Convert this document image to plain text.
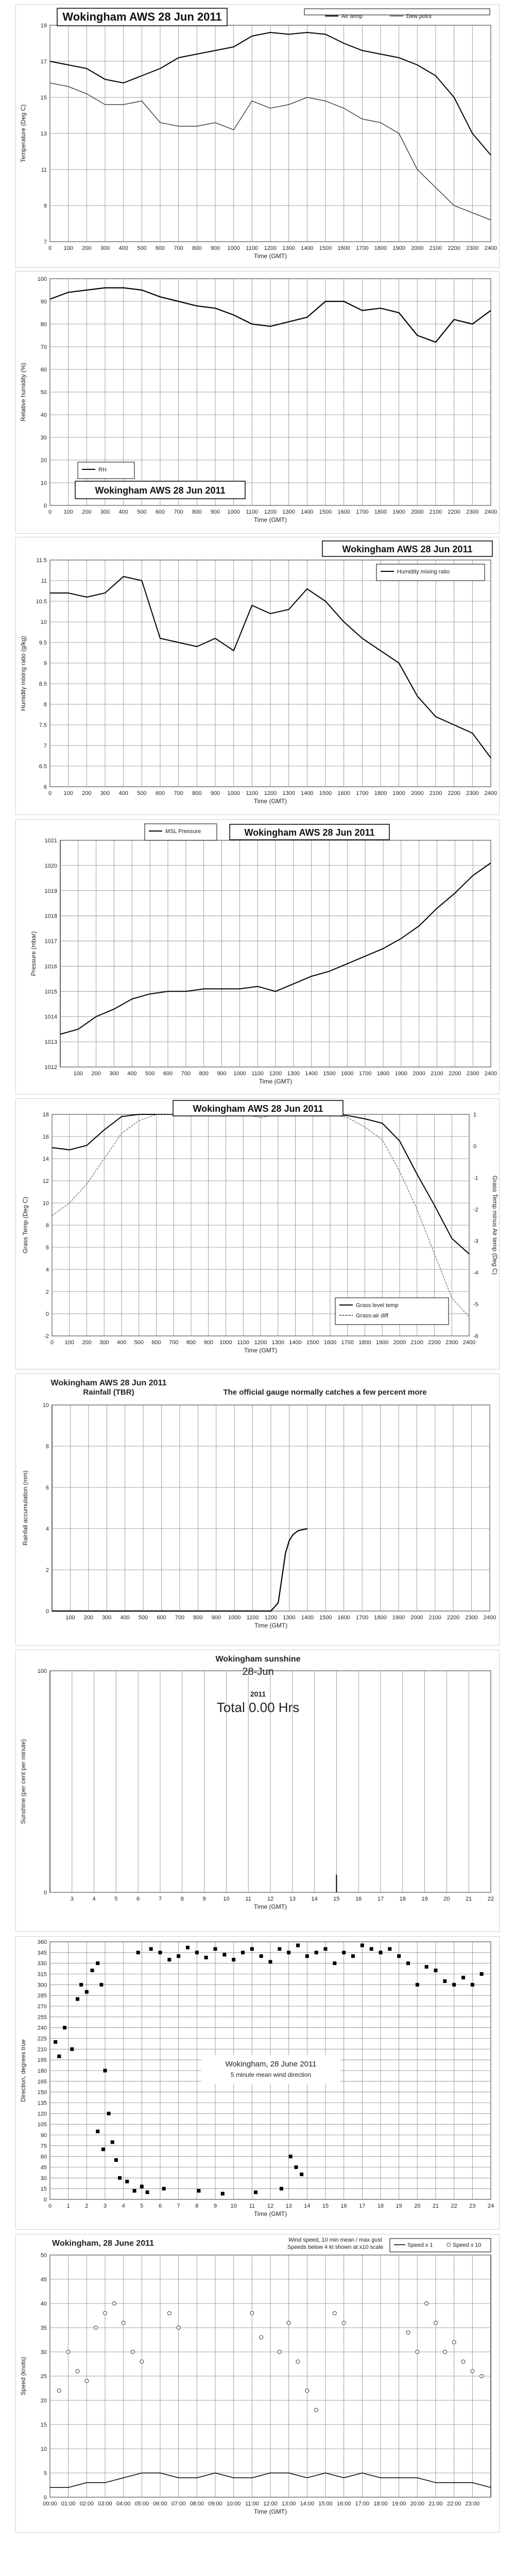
7
9
11
13
15
17
19
0 100 200 300 400 500 600 700 800 900 1000 1100 1200 1300 1400 1500 1600 1700 1800 1900 2000 2100 2200 2300 2400
Time (GMT)
Temperature (Deg C)
Wokingham AWS 28 Jun 2011	Air temp	Dew point
0
10
20
30
40
50
60
70
80
90
100
0 100 200 300 400 500 600 700 800 900 1000 1100 1200 1300 1400 1500 1600 1700 1800 1900 2000 2100 2200 2300 2400
Time (GMT)
Relative humidity (%)
RH
Wokingham AWS 28 Jun 2011
6
6.5
7
7.5
8
8.5
9
9.5
10
10.5
11
11.5
0 100 200 300 400 500 600 700 800 900 1000 1100 1200 1300 1400 1500 1600 1700 1800 1900 2000 2100 2200 2300 2400
Time (GMT)
Humidity mixing ratio (g/kg)
Wokingham AWS 28 Jun 2011
Humidity mixing ratio
1012
1013
1014
1015
1016
1017
1018
1019
1020
1021
100 200 300 400 500 600 700 800 900 1000 1100 1200 1300 1400 1500 1600 1700 1800 1900 2000 2100 2200 2300 2400
Time (GMT)
Pressure (mbar)
MSL Pressure	Wokingham AWS 28 Jun 2011
-2
0
2
4
6
8
10
12
14
16
18
0 100 200 300 400 500 600 700 800 900 1000 1100 1200 1300 1400 1500 1600 1700 1800 1900 2000 2100 2200 2300 2400
Time (GMT)
Grass Temp (Deg C)
-6
-5
-4
-3
-2
-1
0
1
Grass Temp minus Air temp (Deg C)
Wokingham AWS 28 Jun 2011
Grass level temp
Grass-air diff
0
2
4
6
8
10
100 200 300 400 500 600 700 800 900 1000 1100 1200 1300 1400 1500 1600 1700 1800 1900 2000 2100 2200 2300 2400
Time (GMT)
Rainfall accumulation (mm)
Wokingham AWS 28 Jun 2011
Rainfall (TBR)	The official gauge normally catches a few percent more
0
100
3	4	5	6	7	8	9	10	11	12	13	14	15	16	17	18	19	20	21	22
Time (GMT)
Sunshine (per cent per minute)
Wokingham sunshine
28-Jun
2011
Total 0.00 Hrs
0
15
30
45
60
75
90
105
120
135
150
165
180
195
210
225
240
255
270
285
300
315
330
345
360
0	1	2	3	4	5	6	7	8	9 10 11 12 13 14 15 16 17 18 19 20 21 22 23 24
Time (GMT)
Direction, degrees true	Wokingham, 28 June 2011
5 minute mean wind direction
0
5
10
15
20
25
30
35
40
45
50
00:00 01:00 02:00 03:00 04:00 05:00 06:00 07:00 08:00 09:00 10:00 11:00 12:00 13:00 14:00 15:00 16:00 17:00 18:00 19:00 20:00 21:00 22:00 23:00
Time (GMT)
Speed (knots)
Wokingham, 28 June 2011	Wind speed, 10 min mean / max gust
Speeds below 4 kt shown at x10 scale	Speed x 1	Speed x 10
